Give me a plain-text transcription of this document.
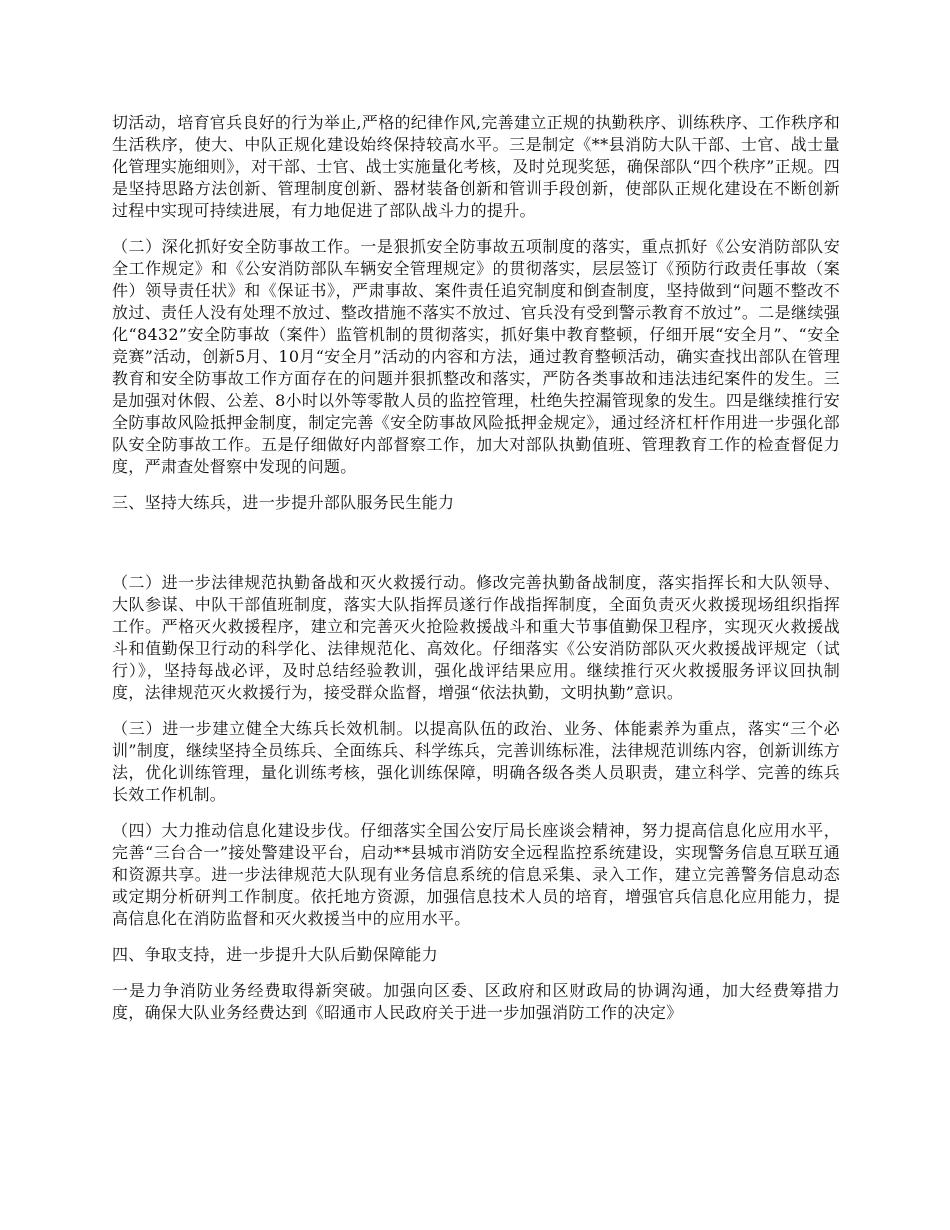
切活动，培育官兵良好的行为举止,严格的纪律作风,完善建立正规的执勤秩序、训练秩序、工作秩序和生活秩序，使大、中队正规化建设始终保持较高水平。三是制定《**县消防大队干部、士官、战士量化管理实施细则》，对干部、士官、战士实施量化考核，及时兑现奖惩，确保部队“四个秩序”正规。四是坚持思路方法创新、管理制度创新、器材装备创新和管训手段创新，使部队正规化建设在不断创新过程中实现可持续进展，有力地促进了部队战斗力的提升。

（二）深化抓好安全防事故工作。一是狠抓安全防事故五项制度的落实，重点抓好《公安消防部队安全工作规定》和《公安消防部队车辆安全管理规定》的贯彻落实，层层签订《预防行政责任事故（案件）领导责任状》和《保证书》，严肃事故、案件责任追究制度和倒查制度，坚持做到“问题不整改不放过、责任人没有处理不放过、整改措施不落实不放过、官兵没有受到警示教育不放过”。二是继续强化“8432”安全防事故（案件）监管机制的贯彻落实，抓好集中教育整顿，仔细开展“安全月”、“安全竞赛”活动，创新5月、10月“安全月”活动的内容和方法，通过教育整顿活动，确实查找出部队在管理教育和安全防事故工作方面存在的问题并狠抓整改和落实，严防各类事故和违法违纪案件的发生。三是加强对休假、公差、8小时以外等零散人员的监控管理，杜绝失控漏管现象的发生。四是继续推行安全防事故风险抵押金制度，制定完善《安全防事故风险抵押金规定》，通过经济杠杆作用进一步强化部队安全防事故工作。五是仔细做好内部督察工作，加大对部队执勤值班、管理教育工作的检查督促力度，严肃查处督察中发现的问题。

三、坚持大练兵，进一步提升部队服务民生能力

（二）进一步法律规范执勤备战和灭火救援行动。修改完善执勤备战制度，落实指挥长和大队领导、大队参谋、中队干部值班制度，落实大队指挥员遂行作战指挥制度，全面负责灭火救援现场组织指挥工作。严格灭火救援程序，建立和完善灭火抢险救援战斗和重大节事值勤保卫程序，实现灭火救援战斗和值勤保卫行动的科学化、法律规范化、高效化。仔细落实《公安消防部队灭火救援战评规定（试行）》，坚持每战必评，及时总结经验教训，强化战评结果应用。继续推行灭火救援服务评议回执制度，法律规范灭火救援行为，接受群众监督，增强“依法执勤，文明执勤”意识。

（三）进一步建立健全大练兵长效机制。以提高队伍的政治、业务、体能素养为重点，落实“三个必训”制度，继续坚持全员练兵、全面练兵、科学练兵，完善训练标准，法律规范训练内容，创新训练方法，优化训练管理，量化训练考核，强化训练保障，明确各级各类人员职责，建立科学、完善的练兵长效工作机制。

（四）大力推动信息化建设步伐。仔细落实全国公安厅局长座谈会精神，努力提高信息化应用水平，完善“三台合一”接处警建设平台，启动**县城市消防安全远程监控系统建设，实现警务信息互联互通和资源共享。进一步法律规范大队现有业务信息系统的信息采集、录入工作，建立完善警务信息动态或定期分析研判工作制度。依托地方资源，加强信息技术人员的培育，增强官兵信息化应用能力，提高信息化在消防监督和灭火救援当中的应用水平。

四、争取支持，进一步提升大队后勤保障能力

一是力争消防业务经费取得新突破。加强向区委、区政府和区财政局的协调沟通，加大经费筹措力度，确保大队业务经费达到《昭通市人民政府关于进一步加强消防工作的决定》
